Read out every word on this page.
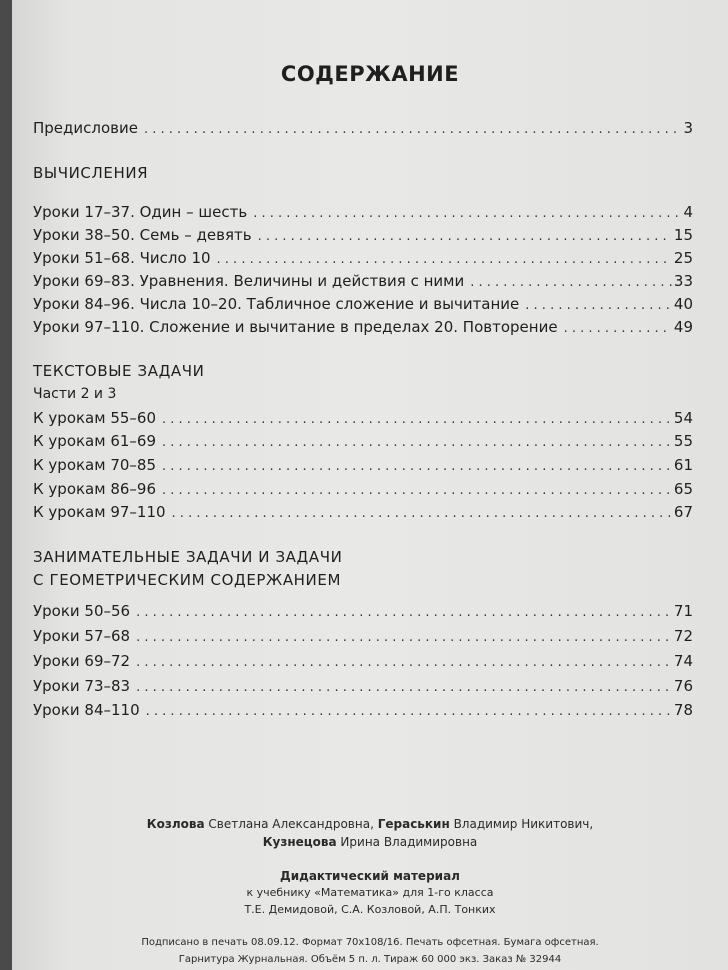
СОДЕРЖАНИЕ
Предисловие . . .	3
ВЫЧИСЛЕНИЯ
Уроки 17–37. Один – шесть . . .	4
Уроки 38–50. Семь – девять . . .	15
Уроки 51–68. Число 10 . . .	25
Уроки 69–83. Уравнения. Величины и действия с ними . . .	33
Уроки 84–96. Числа 10–20. Табличное сложение и вычитание . . .	40
Уроки 97–110. Сложение и вычитание в пределах 20. Повторение . . .	49
ТЕКСТОВЫЕ ЗАДАЧИ
Части 2 и 3
К урокам 55–60 . . .	54
К урокам 61–69 . . .	55
К урокам 70–85 . . .	61
К урокам 86–96 . . .	65
К урокам 97–110 . . .	67
ЗАНИМАТЕЛЬНЫЕ ЗАДАЧИ И ЗАДАЧИ
С ГЕОМЕТРИЧЕСКИМ СОДЕРЖАНИЕМ
Уроки 50–56 . . .	71
Уроки 57–68 . . .	72
Уроки 69–72 . . .	74
Уроки 73–83 . . .	76
Уроки 84–110 . . .	78
Козлова Светлана Александровна, Гераськин Владимир Никитович,
Кузнецова Ирина Владимировна
Дидактический материал
к учебнику «Математика» для 1-го класса
Т.Е. Демидовой, С.А. Козловой, А.П. Тонких
Подписано в печать 08.09.12. Формат 70x108/16. Печать офсетная. Бумага офсетная.
Гарнитура Журнальная. Объём 5 п. л. Тираж 60 000 экз. Заказ № 32944
